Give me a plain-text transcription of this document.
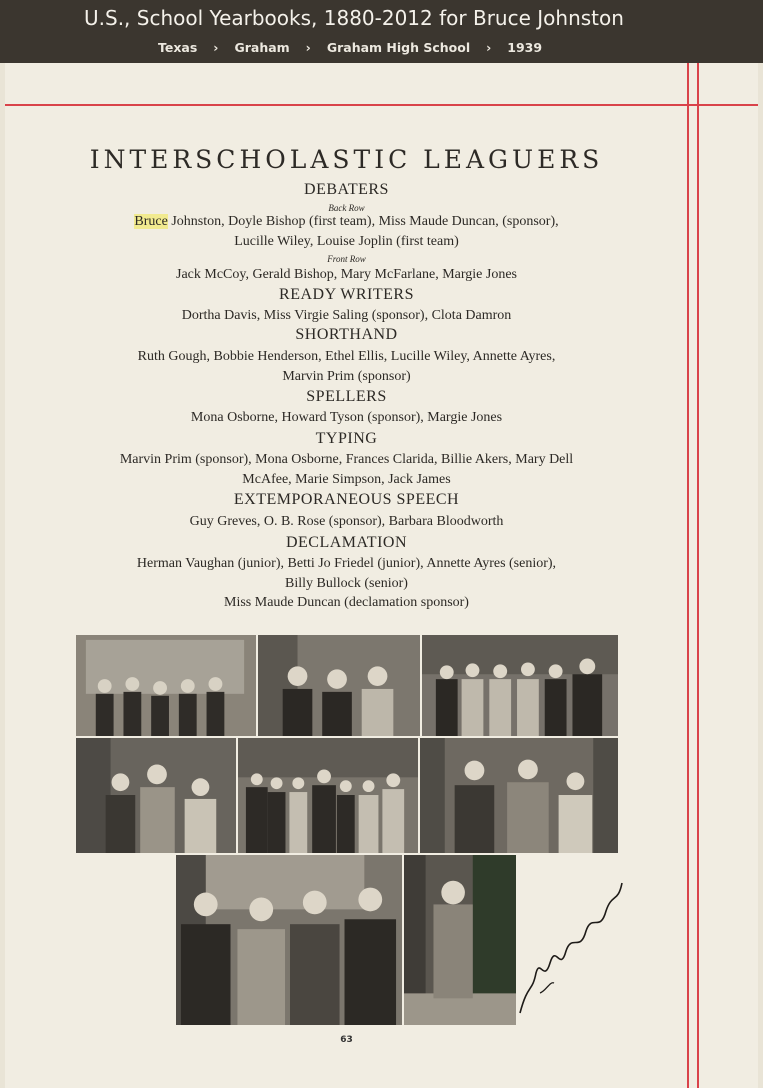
U.S., School Yearbooks, 1880-2012 for Bruce Johnston
Texas › Graham › Graham High School › 1939
INTERSCHOLASTIC LEAGUERS
DEBATERS
Back Row
Bruce Johnston, Doyle Bishop (first team), Miss Maude Duncan, (sponsor),
Lucille Wiley, Louise Joplin (first team)
Front Row
Jack McCoy, Gerald Bishop, Mary McFarlane, Margie Jones
READY WRITERS
Dortha Davis, Miss Virgie Saling (sponsor), Clota Damron
SHORTHAND
Ruth Gough, Bobbie Henderson, Ethel Ellis, Lucille Wiley, Annette Ayres,
Marvin Prim (sponsor)
SPELLERS
Mona Osborne, Howard Tyson (sponsor), Margie Jones
TYPING
Marvin Prim (sponsor), Mona Osborne, Frances Clarida, Billie Akers, Mary Dell
McAfee, Marie Simpson, Jack James
EXTEMPORANEOUS SPEECH
Guy Greves, O. B. Rose (sponsor), Barbara Bloodworth
DECLAMATION
Herman Vaughan (junior), Betti Jo Friedel (junior), Annette Ayres (senior),
Billy Bullock (senior)
Miss Maude Duncan (declamation sponsor)
63
